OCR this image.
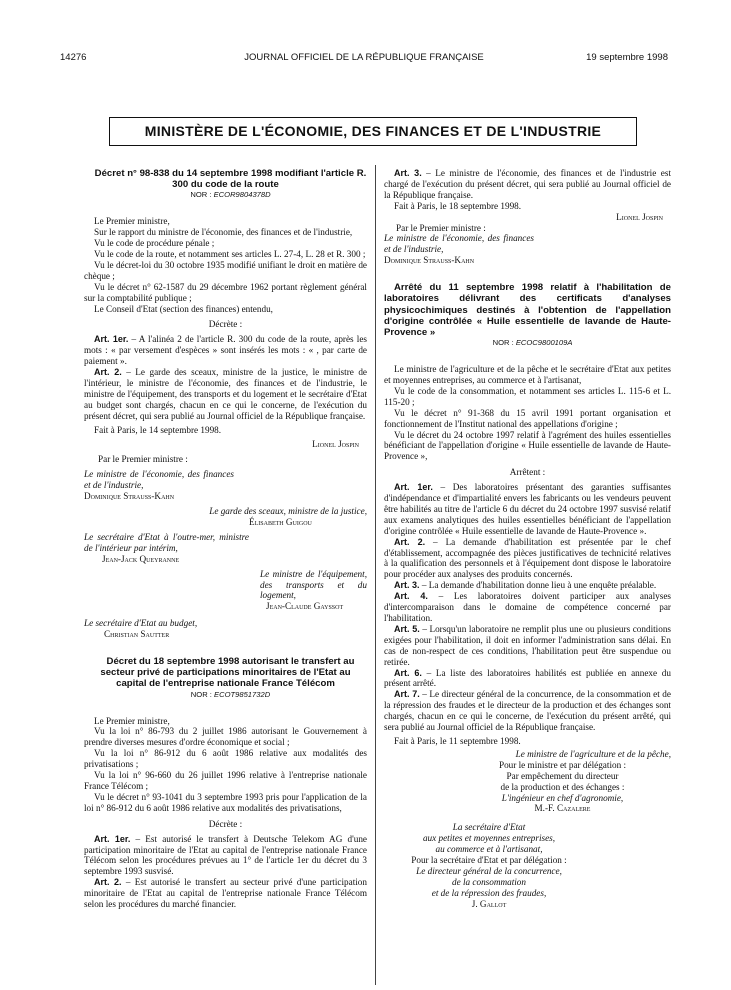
14276	JOURNAL OFFICIEL DE LA RÉPUBLIQUE FRANÇAISE	19 septembre 1998
MINISTÈRE DE L'ÉCONOMIE, DES FINANCES ET DE L'INDUSTRIE

Décret n° 98-838 du 14 septembre 1998 modifiant l'article R. 300 du code de la route

NOR : ECOR9804378D

Le Premier ministre,

Sur le rapport du ministre de l'économie, des finances et de l'industrie,

Vu le code de procédure pénale ;

Vu le code de la route, et notamment ses articles L. 27-4, L. 28 et R. 300 ;

Vu le décret-loi du 30 octobre 1935 modifié unifiant le droit en matière de chèque ;

Vu le décret n° 62-1587 du 29 décembre 1962 portant règlement général sur la comptabilité publique ;

Le Conseil d'Etat (section des finances) entendu,

Décrète :

Art. 1er. – A l'alinéa 2 de l'article R. 300 du code de la route, après les mots : « par versement d'espèces » sont insérés les mots : « , par carte de paiement ».

Art. 2. – Le garde des sceaux, ministre de la justice, le ministre de l'intérieur, le ministre de l'économie, des finances et de l'industrie, le ministre de l'équipement, des transports et du logement et le secrétaire d'Etat au budget sont chargés, chacun en ce qui le concerne, de l'exécution du présent décret, qui sera publié au Journal officiel de la République française.

Fait à Paris, le 14 septembre 1998.

Lionel Jospin

Par le Premier ministre :

Le ministre de l'économie, des finances et de l'industrie,

Dominique Strauss-Kahn

Le garde des sceaux, ministre de la justice,

Élisabeth Guigou

Le secrétaire d'Etat à l'outre-mer, ministre de l'intérieur par intérim,

Jean-Jack Queyranne

Le ministre de l'équipement, des transports et du logement,

Jean-Claude Gayssot

Le secrétaire d'Etat au budget,

Christian Sautter

Décret du 18 septembre 1998 autorisant le transfert au secteur privé de participations minoritaires de l'Etat au capital de l'entreprise nationale France Télécom

NOR : ECOT9851732D

Le Premier ministre,

Vu la loi n° 86-793 du 2 juillet 1986 autorisant le Gouvernement à prendre diverses mesures d'ordre économique et social ;

Vu la loi n° 86-912 du 6 août 1986 relative aux modalités des privatisations ;

Vu la loi n° 96-660 du 26 juillet 1996 relative à l'entreprise nationale France Télécom ;

Vu le décret n° 93-1041 du 3 septembre 1993 pris pour l'application de la loi n° 86-912 du 6 août 1986 relative aux modalités des privatisations,

Décrète :

Art. 1er. – Est autorisé le transfert à Deutsche Telekom AG d'une participation minoritaire de l'Etat au capital de l'entreprise nationale France Télécom selon les procédures prévues au 1° de l'article 1er du décret du 3 septembre 1993 susvisé.

Art. 2. – Est autorisé le transfert au secteur privé d'une participation minoritaire de l'Etat au capital de l'entreprise nationale France Télécom selon les procédures du marché financier.

Art. 3. – Le ministre de l'économie, des finances et de l'industrie est chargé de l'exécution du présent décret, qui sera publié au Journal officiel de la République française.

Fait à Paris, le 18 septembre 1998.

Lionel Jospin

Par le Premier ministre :

Le ministre de l'économie, des finances et de l'industrie,

Dominique Strauss-Kahn

Arrêté du 11 septembre 1998 relatif à l'habilitation de laboratoires délivrant des certificats d'analyses physicochimiques destinés à l'obtention de l'appellation d'origine contrôlée « Huile essentielle de lavande de Haute-Provence »

NOR : ECOC9800109A

Le ministre de l'agriculture et de la pêche et le secrétaire d'Etat aux petites et moyennes entreprises, au commerce et à l'artisanat,

Vu le code de la consommation, et notamment ses articles L. 115-6 et L. 115-20 ;

Vu le décret n° 91-368 du 15 avril 1991 portant organisation et fonctionnement de l'Institut national des appellations d'origine ;

Vu le décret du 24 octobre 1997 relatif à l'agrément des huiles essentielles bénéficiant de l'appellation d'origine « Huile essentielle de lavande de Haute-Provence »,

Arrêtent :

Art. 1er. – Des laboratoires présentant des garanties suffisantes d'indépendance et d'impartialité envers les fabricants ou les vendeurs peuvent être habilités au titre de l'article 6 du décret du 24 octobre 1997 susvisé relatif aux examens analytiques des huiles essentielles bénéficiant de l'appellation d'origine contrôlée « Huile essentielle de lavande de Haute-Provence ».

Art. 2. – La demande d'habilitation est présentée par le chef d'établissement, accompagnée des pièces justificatives de technicité relatives à la qualification des personnels et à l'équipement dont dispose le laboratoire pour procéder aux analyses des produits concernés.

Art. 3. – La demande d'habilitation donne lieu à une enquête préalable.

Art. 4. – Les laboratoires doivent participer aux analyses d'intercomparaison dans le domaine de compétence concerné par l'habilitation.

Art. 5. – Lorsqu'un laboratoire ne remplit plus une ou plusieurs conditions exigées pour l'habilitation, il doit en informer l'administration sans délai. En cas de non-respect de ces conditions, l'habilitation peut être suspendue ou retirée.

Art. 6. – La liste des laboratoires habilités est publiée en annexe du présent arrêté.

Art. 7. – Le directeur général de la concurrence, de la consommation et de la répression des fraudes et le directeur de la production et des échanges sont chargés, chacun en ce qui le concerne, de l'exécution du présent arrêté, qui sera publié au Journal officiel de la République française.

Fait à Paris, le 11 septembre 1998.

Le ministre de l'agriculture et de la pêche,

Pour le ministre et par délégation :

Par empêchement du directeur

de la production et des échanges :

L'ingénieur en chef d'agronomie,

M.-F. Cazalere

La secrétaire d'Etat

aux petites et moyennes entreprises,

au commerce et à l'artisanat,

Pour la secrétaire d'Etat et par délégation :

Le directeur général de la concurrence,

de la consommation

et de la répression des fraudes,

J. Gallot
